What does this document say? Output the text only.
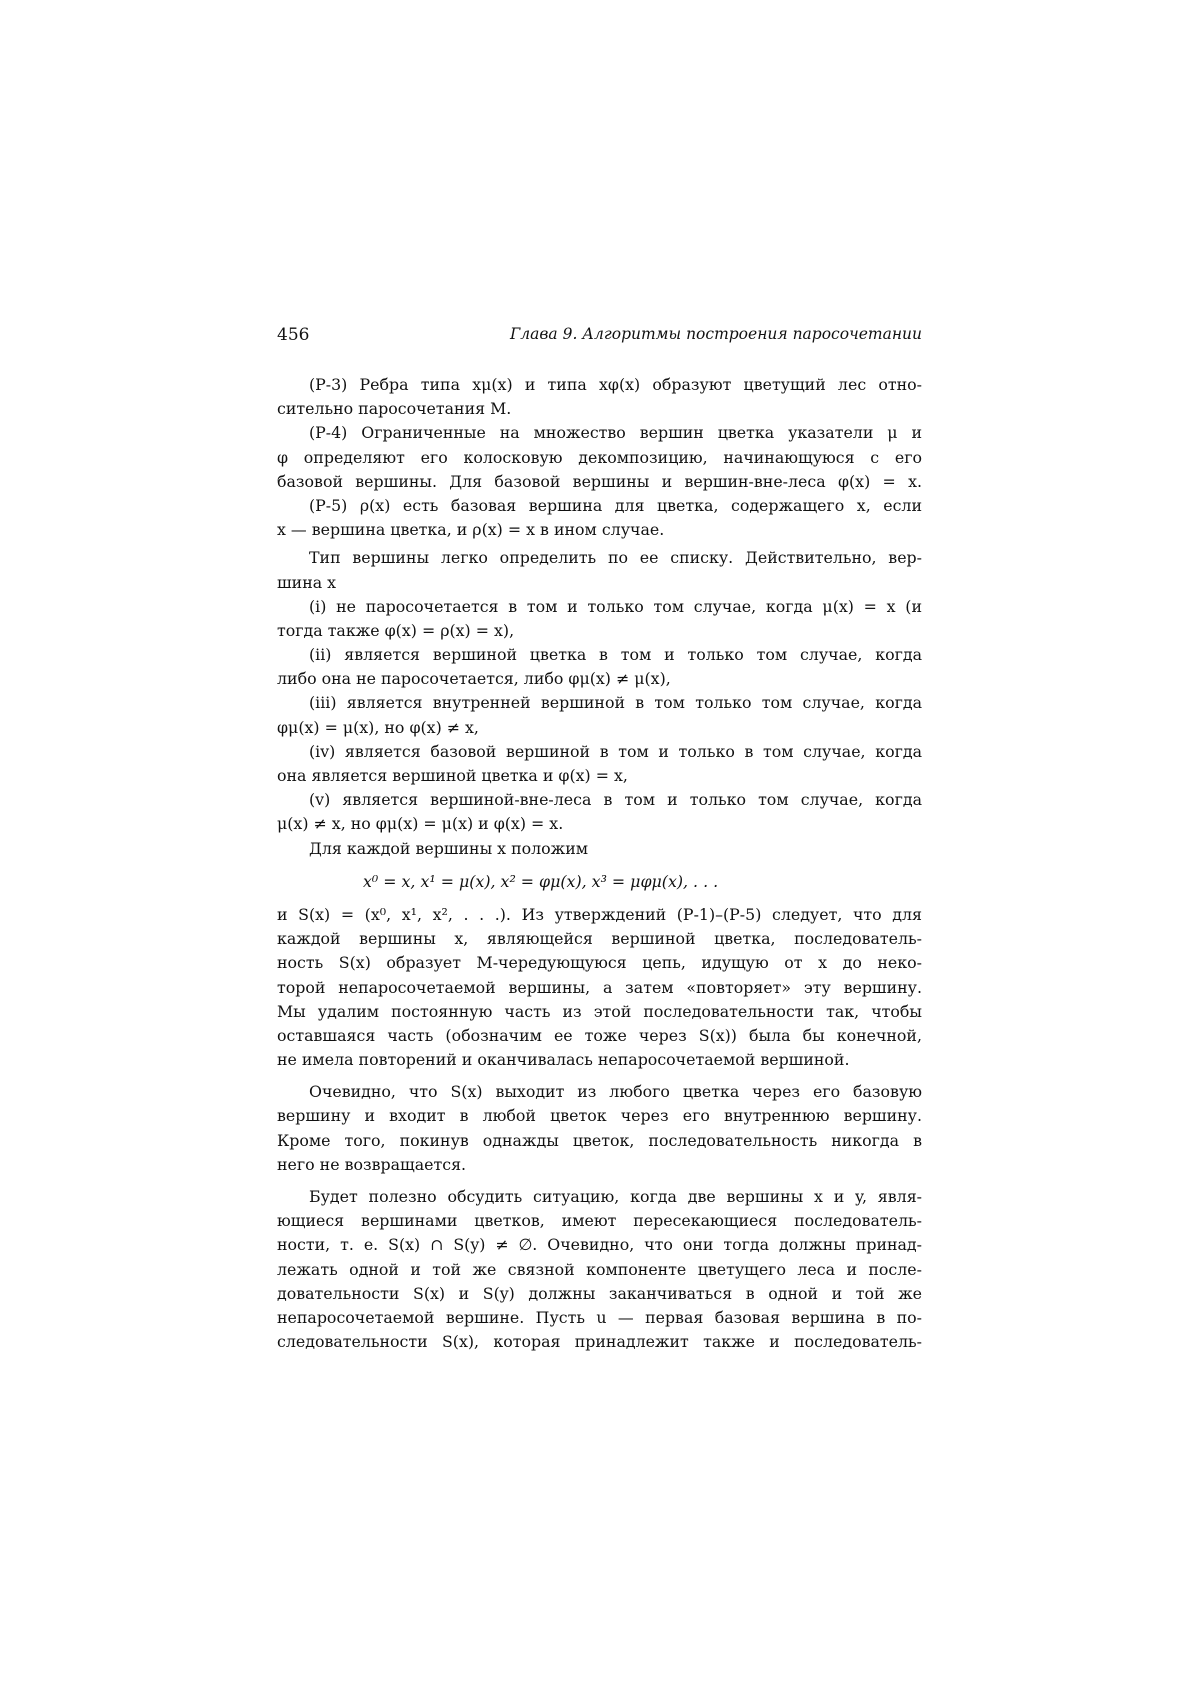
456	Глава 9. Алгоритмы построения паросочетании
(Р-3) Ребра типа xμ(x) и типа xφ(x) образуют цветущий лес отно-
сительно паросочетания M.
(Р-4) Ограниченные на множество вершин цветка указатели μ и
φ определяют его колосковую декомпозицию, начинающуюся с его
базовой вершины. Для базовой вершины и вершин-вне-леса φ(x) = x.
(Р-5) ρ(x) есть базовая вершина для цветка, содержащего x, если
x — вершина цветка, и ρ(x) = x в ином случае.
Тип вершины легко определить по ее списку. Действительно, вер-
шина x
(i) не паросочетается в том и только том случае, когда μ(x) = x (и
тогда также φ(x) = ρ(x) = x),
(ii) является вершиной цветка в том и только том случае, когда
либо она не паросочетается, либо φμ(x) ≠ μ(x),
(iii) является внутренней вершиной в том только том случае, когда
φμ(x) = μ(x), но φ(x) ≠ x,
(iv) является базовой вершиной в том и только в том случае, когда
она является вершиной цветка и φ(x) = x,
(v) является вершиной-вне-леса в том и только том случае, когда
μ(x) ≠ x, но φμ(x) = μ(x) и φ(x) = x.
Для каждой вершины x положим
x⁰ = x, x¹ = μ(x), x² = φμ(x), x³ = μφμ(x), . . .
и S(x) = (x⁰, x¹, x², . . .). Из утверждений (Р-1)–(Р-5) следует, что для
каждой вершины x, являющейся вершиной цветка, последователь-
ность S(x) образует M-чередующуюся цепь, идущую от x до неко-
торой непаросочетаемой вершины, а затем «повторяет» эту вершину.
Мы удалим постоянную часть из этой последовательности так, чтобы
оставшаяся часть (обозначим ее тоже через S(x)) была бы конечной,
не имела повторений и оканчивалась непаросочетаемой вершиной.
Очевидно, что S(x) выходит из любого цветка через его базовую
вершину и входит в любой цветок через его внутреннюю вершину.
Кроме того, покинув однажды цветок, последовательность никогда в
него не возвращается.
Будет полезно обсудить ситуацию, когда две вершины x и y, явля-
ющиеся вершинами цветков, имеют пересекающиеся последователь-
ности, т. е. S(x) ∩ S(y) ≠ ∅. Очевидно, что они тогда должны принад-
лежать одной и той же связной компоненте цветущего леса и после-
довательности S(x) и S(y) должны заканчиваться в одной и той же
непаросочетаемой вершине. Пусть u — первая базовая вершина в по-
следовательности S(x), которая принадлежит также и последователь-
